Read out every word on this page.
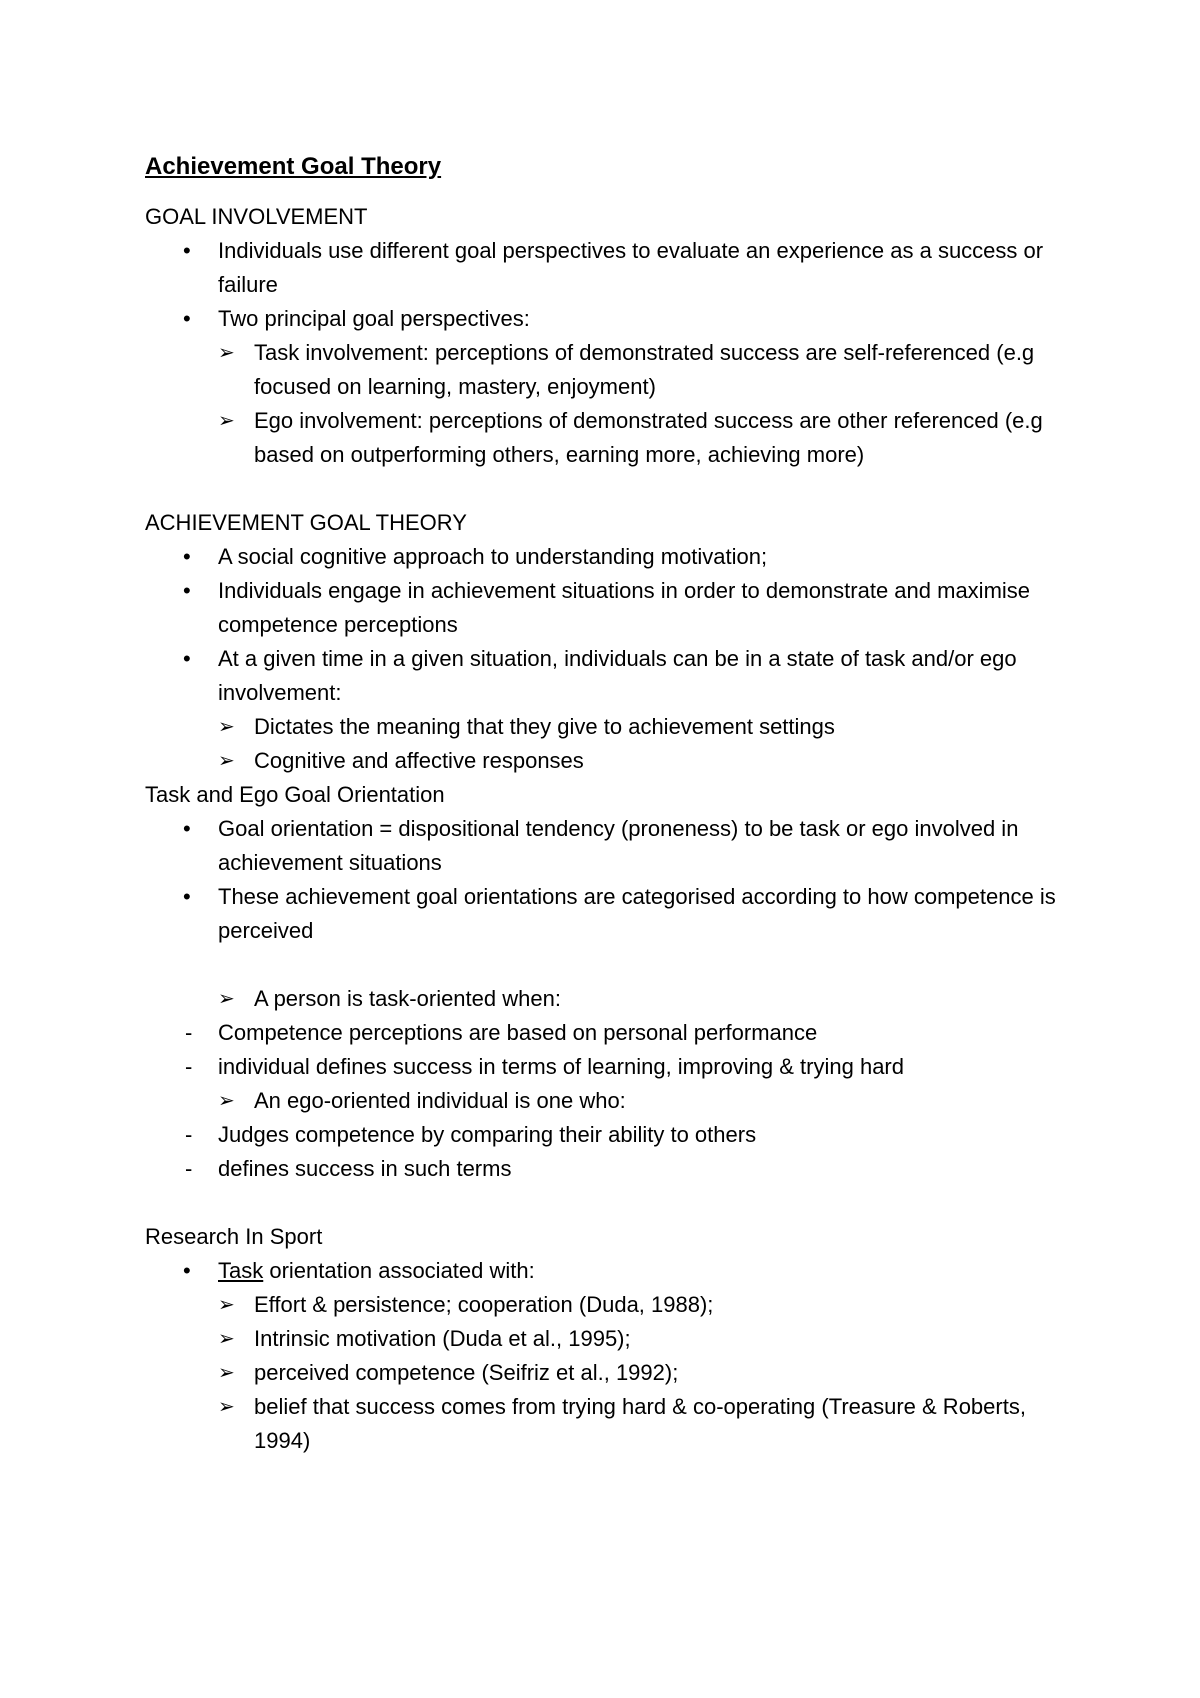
Achievement Goal Theory
GOAL INVOLVEMENT
• Individuals use different goal perspectives to evaluate an experience as a success or failure
• Two principal goal perspectives:
➢ Task involvement: perceptions of demonstrated success are self-referenced (e.g focused on learning, mastery, enjoyment)
➢ Ego involvement: perceptions of demonstrated success are other referenced (e.g based on outperforming others, earning more, achieving more)
ACHIEVEMENT GOAL THEORY
• A social cognitive approach to understanding motivation;
• Individuals engage in achievement situations in order to demonstrate and maximise competence perceptions
• At a given time in a given situation, individuals can be in a state of task and/or ego involvement:
➢ Dictates the meaning that they give to achievement settings
➢ Cognitive and affective responses
Task and Ego Goal Orientation
• Goal orientation = dispositional tendency (proneness) to be task or ego involved in achievement situations
• These achievement goal orientations are categorised according to how competence is perceived
➢ A person is task-oriented when:
- Competence perceptions are based on personal performance
- individual defines success in terms of learning, improving & trying hard
➢ An ego-oriented individual is one who:
- Judges competence by comparing their ability to others
- defines success in such terms
Research In Sport
• Task orientation associated with:
➢ Effort & persistence; cooperation (Duda, 1988);
➢ Intrinsic motivation (Duda et al., 1995);
➢ perceived competence (Seifriz et al., 1992);
➢ belief that success comes from trying hard & co-operating (Treasure & Roberts, 1994)
